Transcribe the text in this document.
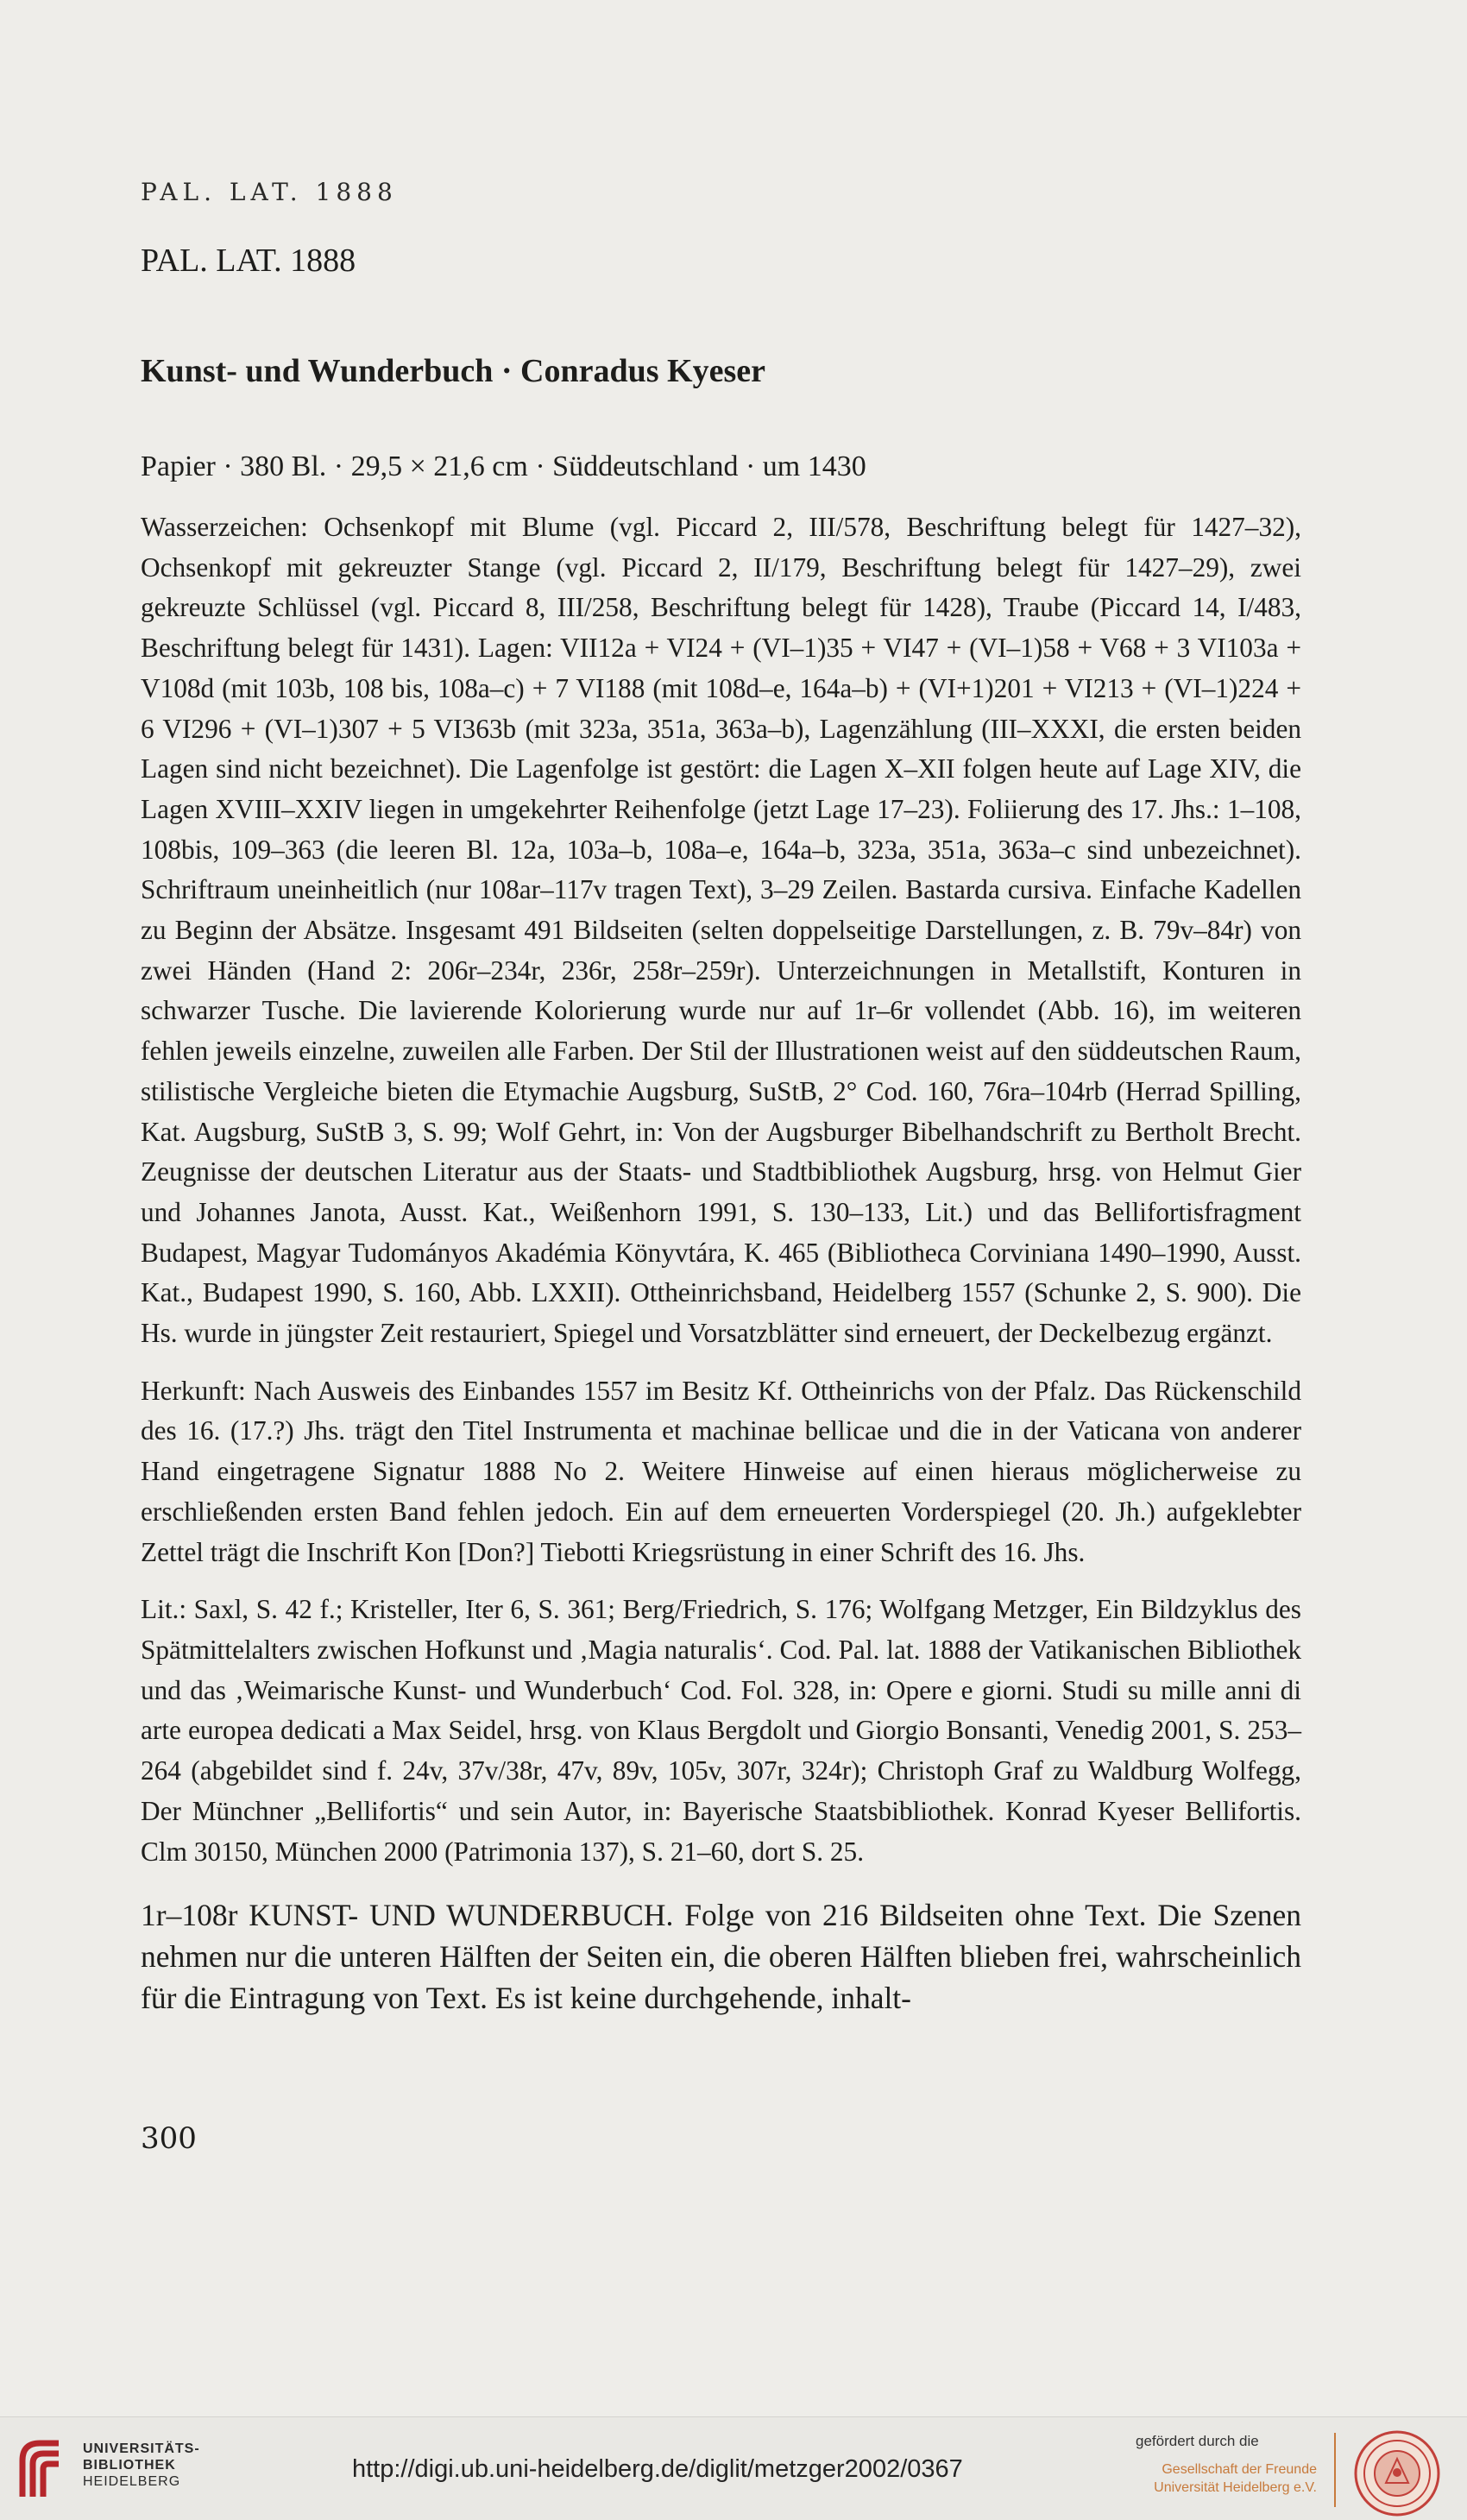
PAL. LAT. 1888
PAL. LAT. 1888
Kunst- und Wunderbuch · Conradus Kyeser
Papier · 380 Bl. · 29,5 × 21,6 cm · Süddeutschland · um 1430

Wasserzeichen: Ochsenkopf mit Blume (vgl. Piccard 2, III/578, Beschriftung belegt für 1427–32), Ochsenkopf mit gekreuzter Stange (vgl. Piccard 2, II/179, Beschriftung belegt für 1427–29), zwei gekreuzte Schlüssel (vgl. Piccard 8, III/258, Beschriftung belegt für 1428), Traube (Piccard 14, I/483, Beschriftung belegt für 1431). Lagen: VII12a + VI24 + (VI–1)35 + VI47 + (VI–1)58 + V68 + 3 VI103a + V108d (mit 103b, 108 bis, 108a–c) + 7 VI188 (mit 108d–e, 164a–b) + (VI+1)201 + VI213 + (VI–1)224 + 6 VI296 + (VI–1)307 + 5 VI363b (mit 323a, 351a, 363a–b), Lagenzählung (III–XXXI, die ersten beiden Lagen sind nicht bezeichnet). Die Lagenfolge ist gestört: die Lagen X–XII folgen heute auf Lage XIV, die Lagen XVIII–XXIV liegen in umgekehrter Reihenfolge (jetzt Lage 17–23). Foliierung des 17. Jhs.: 1–108, 108bis, 109–363 (die leeren Bl. 12a, 103a–b, 108a–e, 164a–b, 323a, 351a, 363a–c sind unbezeichnet). Schriftraum uneinheitlich (nur 108ar–117v tragen Text), 3–29 Zeilen. Bastarda cursiva. Einfache Kadellen zu Beginn der Absätze. Insgesamt 491 Bildseiten (selten doppelseitige Darstellungen, z. B. 79v–84r) von zwei Händen (Hand 2: 206r–234r, 236r, 258r–259r). Unterzeichnungen in Metallstift, Konturen in schwarzer Tusche. Die lavierende Kolorierung wurde nur auf 1r–6r vollendet (Abb. 16), im weiteren fehlen jeweils einzelne, zuweilen alle Farben. Der Stil der Illustrationen weist auf den süddeutschen Raum, stilistische Vergleiche bieten die Etymachie Augsburg, SuStB, 2° Cod. 160, 76ra–104rb (Herrad Spilling, Kat. Augsburg, SuStB 3, S. 99; Wolf Gehrt, in: Von der Augsburger Bibelhandschrift zu Bertholt Brecht. Zeugnisse der deutschen Literatur aus der Staats- und Stadtbibliothek Augsburg, hrsg. von Helmut Gier und Johannes Janota, Ausst. Kat., Weißenhorn 1991, S. 130–133, Lit.) und das Bellifortisfragment Budapest, Magyar Tudományos Akadémia Könyvtára, K. 465 (Bibliotheca Corviniana 1490–1990, Ausst. Kat., Budapest 1990, S. 160, Abb. LXXII). Ottheinrichsband, Heidelberg 1557 (Schunke 2, S. 900). Die Hs. wurde in jüngster Zeit restauriert, Spiegel und Vorsatzblätter sind erneuert, der Deckelbezug ergänzt.

Herkunft: Nach Ausweis des Einbandes 1557 im Besitz Kf. Ottheinrichs von der Pfalz. Das Rückenschild des 16. (17.?) Jhs. trägt den Titel Instrumenta et machinae bellicae und die in der Vaticana von anderer Hand eingetragene Signatur 1888 No 2. Weitere Hinweise auf einen hieraus möglicherweise zu erschließenden ersten Band fehlen jedoch. Ein auf dem erneuerten Vorderspiegel (20. Jh.) aufgeklebter Zettel trägt die Inschrift Kon [Don?] Tiebotti Kriegsrüstung in einer Schrift des 16. Jhs.

Lit.: Saxl, S. 42 f.; Kristeller, Iter 6, S. 361; Berg/Friedrich, S. 176; Wolfgang Metzger, Ein Bildzyklus des Spätmittelalters zwischen Hofkunst und ‚Magia naturalis‘. Cod. Pal. lat. 1888 der Vatikanischen Bibliothek und das ‚Weimarische Kunst- und Wunderbuch‘ Cod. Fol. 328, in: Opere e giorni. Studi su mille anni di arte europea dedicati a Max Seidel, hrsg. von Klaus Bergdolt und Giorgio Bonsanti, Venedig 2001, S. 253–264 (abgebildet sind f. 24v, 37v/38r, 47v, 89v, 105v, 307r, 324r); Christoph Graf zu Waldburg Wolfegg, Der Münchner „Bellifortis“ und sein Autor, in: Bayerische Staatsbibliothek. Konrad Kyeser Bellifortis. Clm 30150, München 2000 (Patrimonia 137), S. 21–60, dort S. 25.

1r–108r KUNST- UND WUNDERBUCH. Folge von 216 Bildseiten ohne Text. Die Szenen nehmen nur die unteren Hälften der Seiten ein, die oberen Hälften blieben frei, wahrscheinlich für die Eintragung von Text. Es ist keine durchgehende, inhalt-

300
UNIVERSITÄTS-
BIBLIOTHEK
HEIDELBERG	http://digi.ub.uni-heidelberg.de/diglit/metzger2002/0367
gefördert durch die
Gesellschaft der Freunde
Universität Heidelberg e.V.
